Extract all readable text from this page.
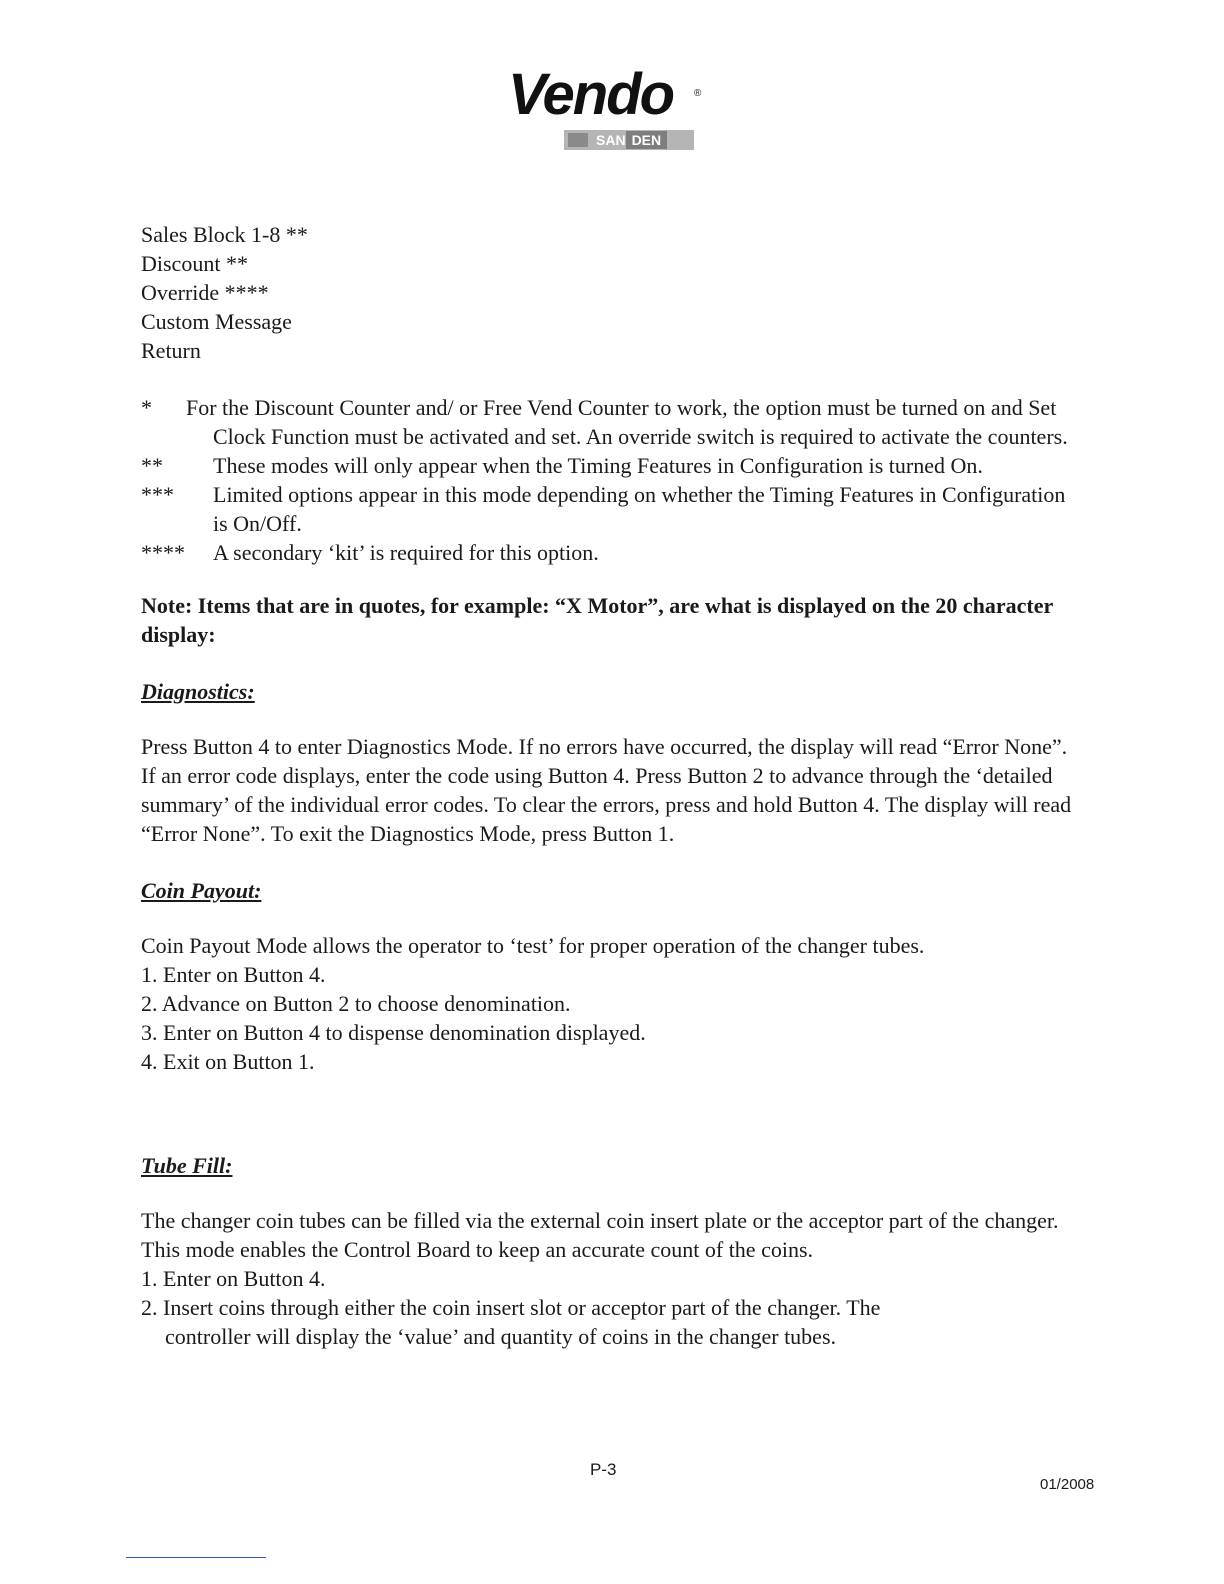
Vendo ®
SAN DEN
Sales Block 1-8 **
Discount **
Override ****
Custom Message
Return
*	For the Discount Counter and/ or Free Vend Counter to work, the option must be turned on and Set Clock Function must be activated and set. An override switch is required to activate the counters.
**	These modes will only appear when the Timing Features in Configuration is turned On.
***	Limited options appear in this mode depending on whether the Timing Features in Configuration is On/Off.
****	A secondary ‘kit’ is required for this option.
Note: Items that are in quotes, for example: “X Motor”, are what is displayed on the 20 character display:
Diagnostics:
Press Button 4 to enter Diagnostics Mode. If no errors have occurred, the display will read “Error None”. If an error code displays, enter the code using Button 4. Press Button 2 to advance through the ‘detailed summary’ of the individual error codes. To clear the errors, press and hold Button 4. The display will read “Error None”. To exit the Diagnostics Mode, press Button 1.
Coin Payout:
Coin Payout Mode allows the operator to ‘test’ for proper operation of the changer tubes.
1. Enter on Button 4.
2. Advance on Button 2 to choose denomination.
3. Enter on Button 4 to dispense denomination displayed.
4. Exit on Button 1.
Tube Fill:
The changer coin tubes can be filled via the external coin insert plate or the acceptor part of the changer. This mode enables the Control Board to keep an accurate count of the coins.
1. Enter on Button 4.
2. Insert coins through either the coin insert slot or acceptor part of the changer. The
controller will display the ‘value’ and quantity of coins in the changer tubes.
P-3
01/2008
